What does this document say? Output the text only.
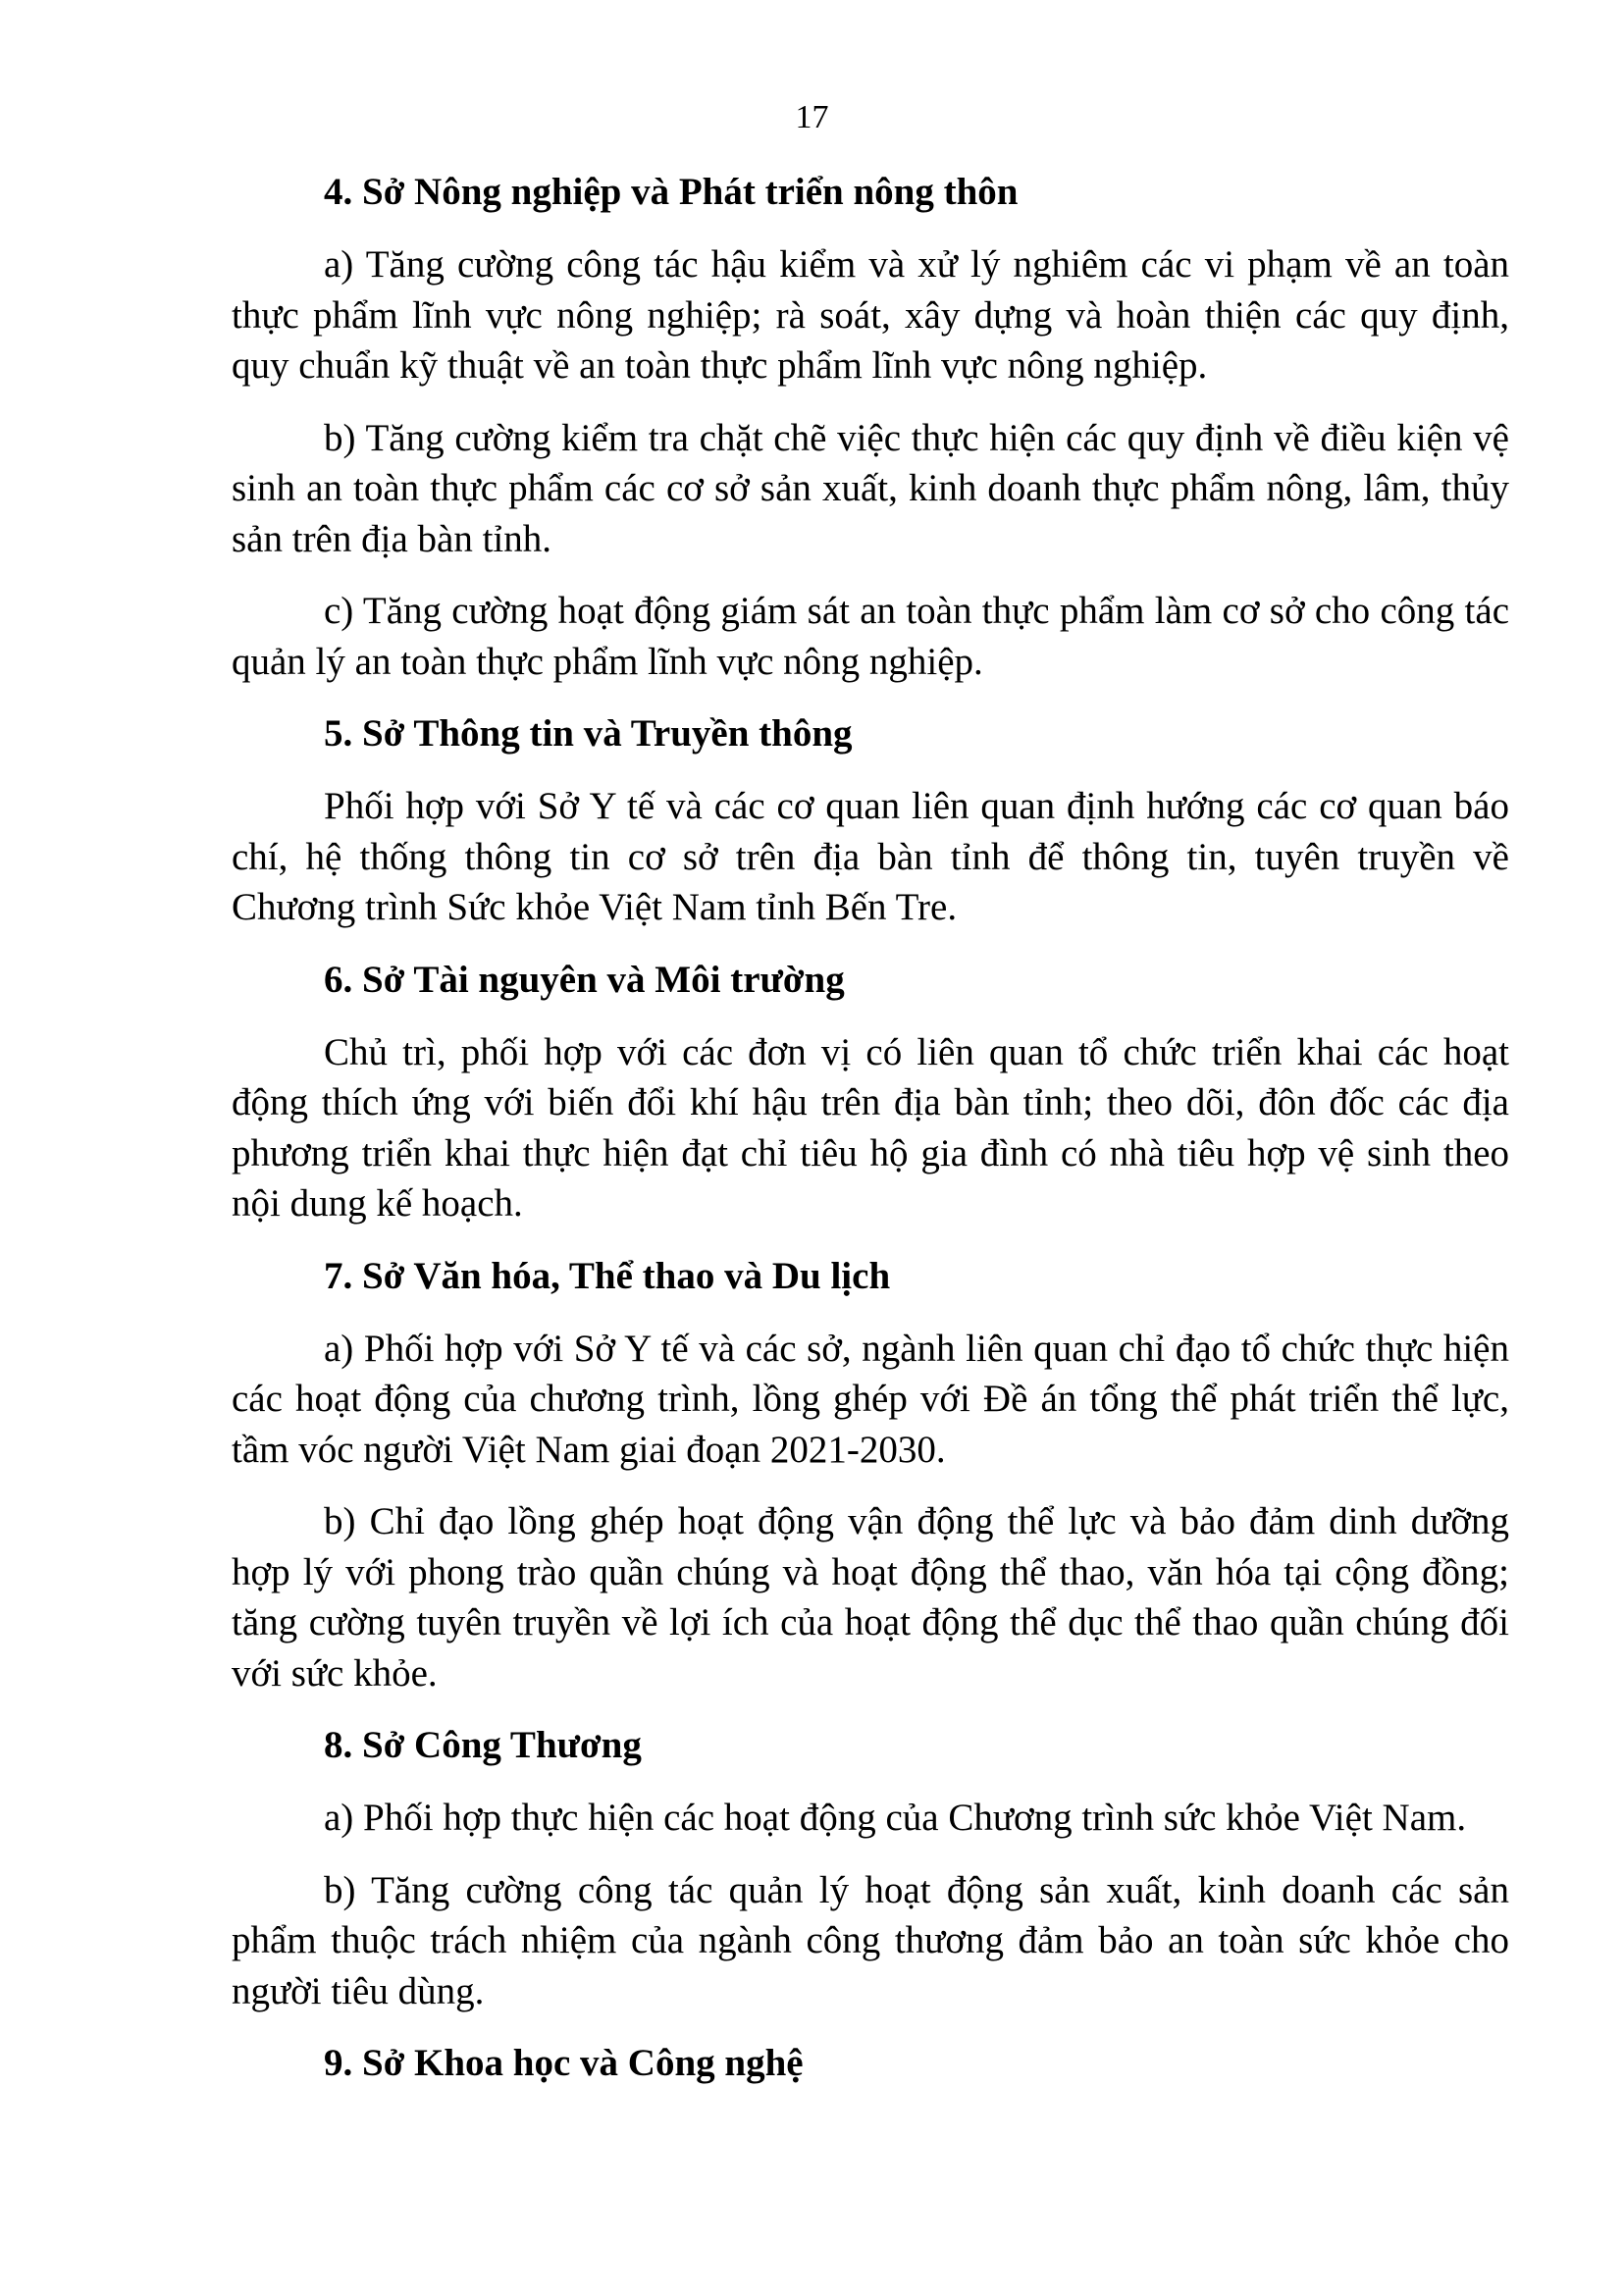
17
4. Sở Nông nghiệp và Phát triển nông thôn

a) Tăng cường công tác hậu kiểm và xử lý nghiêm các vi phạm về an toàn thực phẩm lĩnh vực nông nghiệp; rà soát, xây dựng và hoàn thiện các quy định, quy chuẩn kỹ thuật về an toàn thực phẩm lĩnh vực nông nghiệp.

b) Tăng cường kiểm tra chặt chẽ việc thực hiện các quy định về điều kiện vệ sinh an toàn thực phẩm các cơ sở sản xuất, kinh doanh thực phẩm nông, lâm, thủy sản trên địa bàn tỉnh.

c) Tăng cường hoạt động giám sát an toàn thực phẩm làm cơ sở cho công tác quản lý an toàn thực phẩm lĩnh vực nông nghiệp.

5. Sở Thông tin và Truyền thông

Phối hợp với Sở Y tế và các cơ quan liên quan định hướng các cơ quan báo chí, hệ thống thông tin cơ sở trên địa bàn tỉnh để thông tin, tuyên truyền về Chương trình Sức khỏe Việt Nam tỉnh Bến Tre.

6. Sở Tài nguyên và Môi trường

Chủ trì, phối hợp với các đơn vị có liên quan tổ chức triển khai các hoạt động thích ứng với biến đổi khí hậu trên địa bàn tỉnh; theo dõi, đôn đốc các địa phương triển khai thực hiện đạt chỉ tiêu hộ gia đình có nhà tiêu hợp vệ sinh theo nội dung kế hoạch.

7. Sở Văn hóa, Thể thao và Du lịch

a) Phối hợp với Sở Y tế và các sở, ngành liên quan chỉ đạo tổ chức thực hiện các hoạt động của chương trình, lồng ghép với Đề án tổng thể phát triển thể lực, tầm vóc người Việt Nam giai đoạn 2021-2030.

b) Chỉ đạo lồng ghép hoạt động vận động thể lực và bảo đảm dinh dưỡng hợp lý với phong trào quần chúng và hoạt động thể thao, văn hóa tại cộng đồng; tăng cường tuyên truyền về lợi ích của hoạt động thể dục thể thao quần chúng đối với sức khỏe.

8. Sở Công Thương

a) Phối hợp thực hiện các hoạt động của Chương trình sức khỏe Việt Nam.

b) Tăng cường công tác quản lý hoạt động sản xuất, kinh doanh các sản phẩm thuộc trách nhiệm của ngành công thương đảm bảo an toàn sức khỏe cho người tiêu dùng.

9. Sở Khoa học và Công nghệ
